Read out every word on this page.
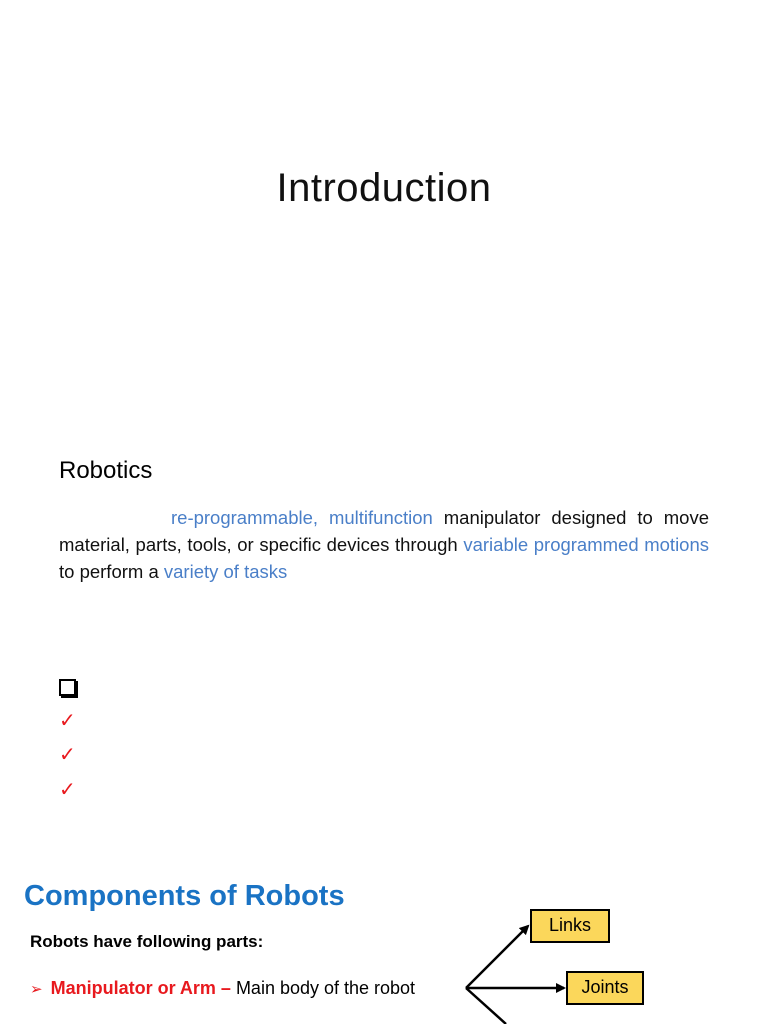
Introduction
Robotics
re-programmable, multifunction manipulator designed to move material, parts, tools, or specific devices through variable programmed motions to perform a variety of tasks
✓
✓
✓
Components of Robots
Robots have following parts:
➢ Manipulator or Arm – Main body of the robot
Links
Joints
